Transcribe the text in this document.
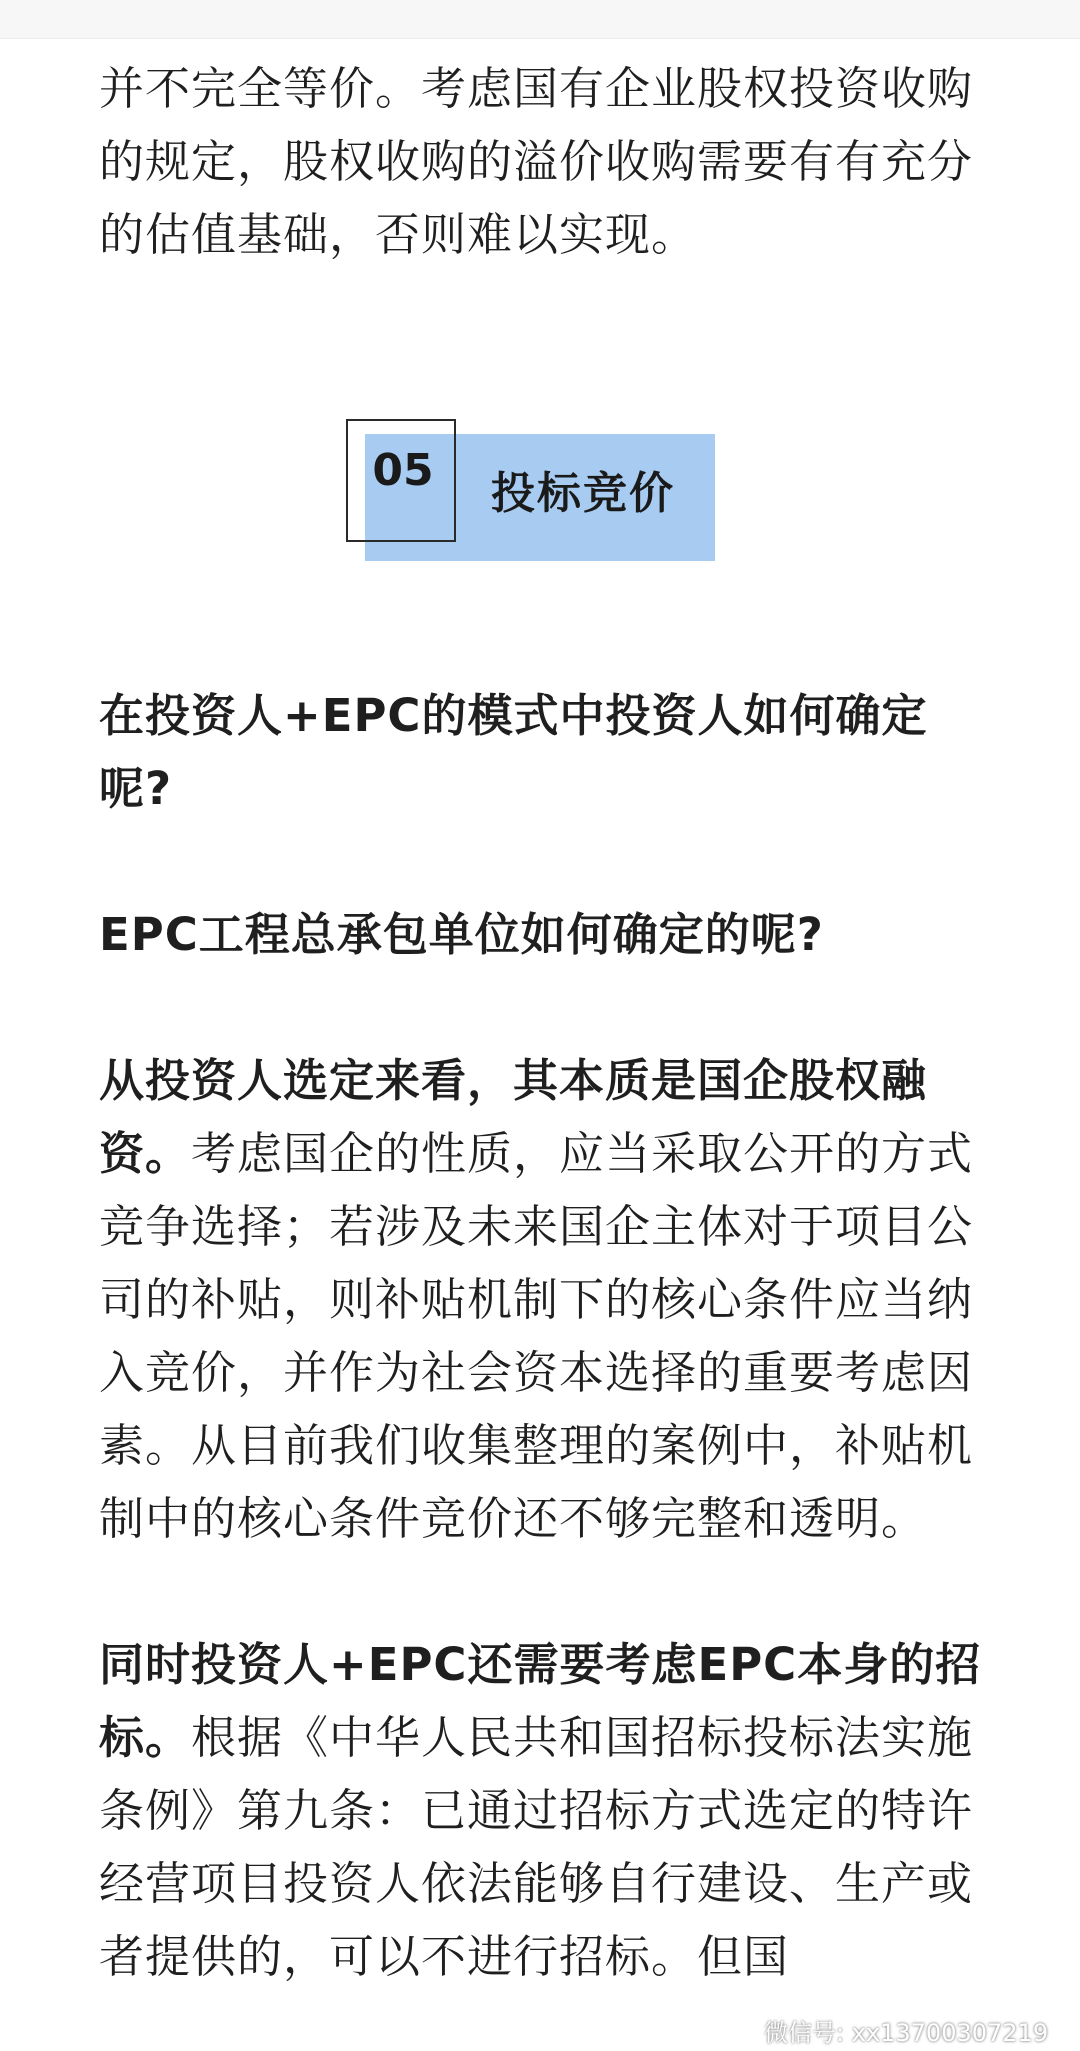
并不完全等价。考虑国有企业股权投资收购的规定，股权收购的溢价收购需要有有充分的估值基础，否则难以实现。

05 投标竞价

在投资人+EPC的模式中投资人如何确定呢?

EPC工程总承包单位如何确定的呢?

从投资人选定来看，其本质是国企股权融资。考虑国企的性质，应当采取公开的方式竞争选择；若涉及未来国企主体对于项目公司的补贴，则补贴机制下的核心条件应当纳入竞价，并作为社会资本选择的重要考虑因素。从目前我们收集整理的案例中，补贴机制中的核心条件竞价还不够完整和透明。

同时投资人+EPC还需要考虑EPC本身的招标。根据《中华人民共和国招标投标法实施条例》第九条：已通过招标方式选定的特许经营项目投资人依法能够自行建设、生产或者提供的，可以不进行招标。但国

微信号: xx13700307219
